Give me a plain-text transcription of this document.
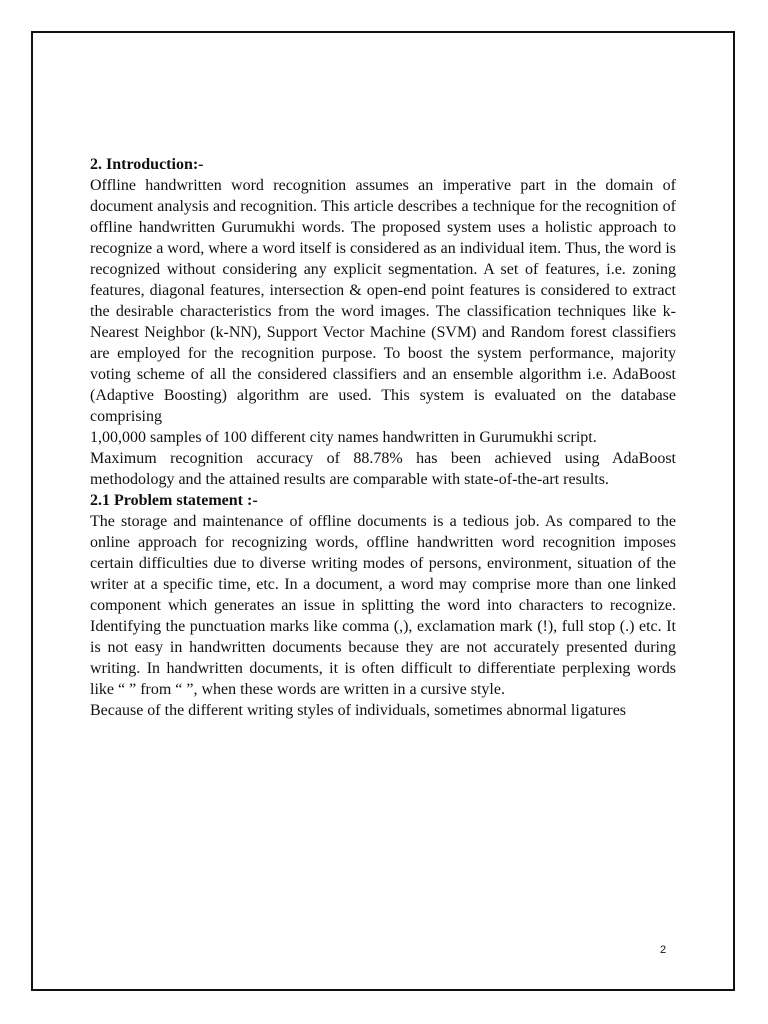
2. Introduction:-

Offline handwritten word recognition assumes an imperative part in the domain of document analysis and recognition. This article describes a technique for the recognition of offline handwritten Gurumukhi words. The proposed system uses a holistic approach to recognize a word, where a word itself is considered as an individual item. Thus, the word is recognized without considering any explicit segmentation. A set of features, i.e. zoning features, diagonal features, intersection & open-end point features is considered to extract the desirable characteristics from the word images. The classification techniques like k- Nearest Neighbor (k-NN), Support Vector Machine (SVM) and Random forest classifiers are employed for the recognition purpose. To boost the system performance, majority voting scheme of all the considered classifiers and an ensemble algorithm i.e. AdaBoost (Adaptive Boosting) algorithm are used. This system is evaluated on the database comprising

1,00,000 samples of 100 different city names handwritten in Gurumukhi script.

Maximum recognition accuracy of 88.78% has been achieved using AdaBoost methodology and the attained results are comparable with state-of-the-art results.

2.1 Problem statement :-

The storage and maintenance of offline documents is a tedious job. As compared to the online approach for recognizing words, offline handwritten word recognition imposes certain difficulties due to diverse writing modes of persons, environment, situation of the writer at a specific time, etc. In a document, a word may comprise more than one linked component which generates an issue in splitting the word into characters to recognize. Identifying the punctuation marks like comma (,), exclamation mark (!), full stop (.) etc. It is not easy in handwritten documents because they are not accurately presented during writing. In handwritten documents, it is often difficult to differentiate perplexing words like “ ” from “ ”, when these words are written in a cursive style.

Because of the different writing styles of individuals, sometimes abnormal ligatures

2
